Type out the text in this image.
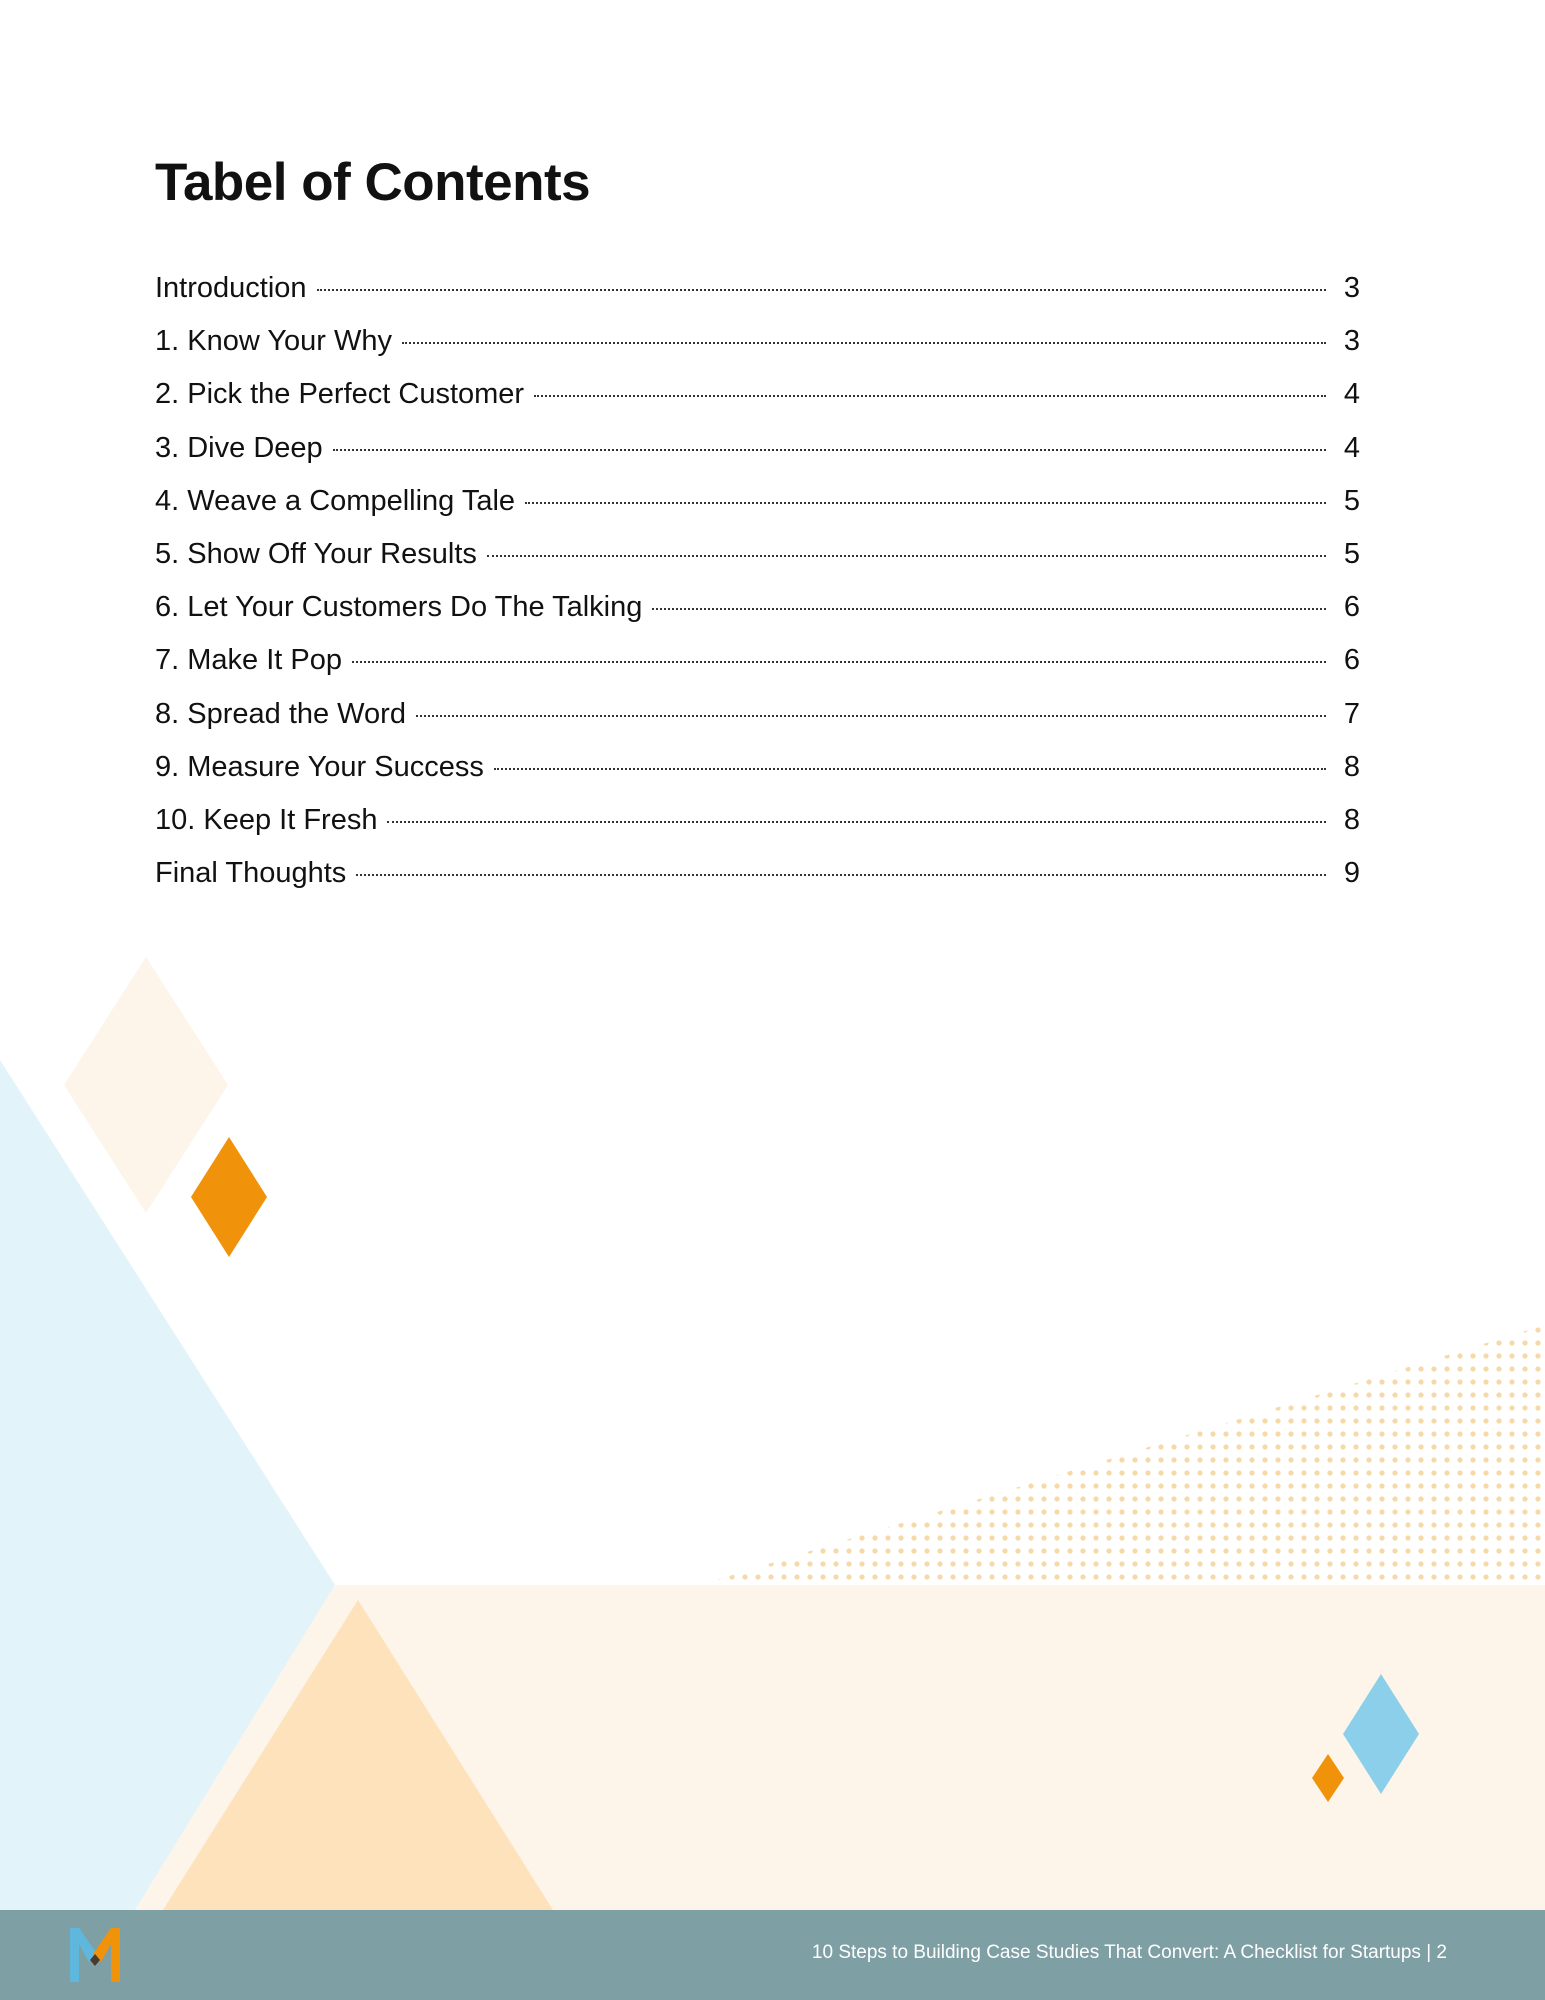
Tabel of Contents
Introduction	3
1. Know Your Why	3
2. Pick the Perfect Customer	4
3. Dive Deep	4
4. Weave a Compelling Tale	5
5. Show Off Your Results	5
6. Let Your Customers Do The Talking	6
7. Make It Pop	6
8. Spread the Word	7
9. Measure Your Success	8
10. Keep It Fresh	8
Final Thoughts	9
10 Steps to Building Case Studies That Convert: A Checklist for Startups | 2
